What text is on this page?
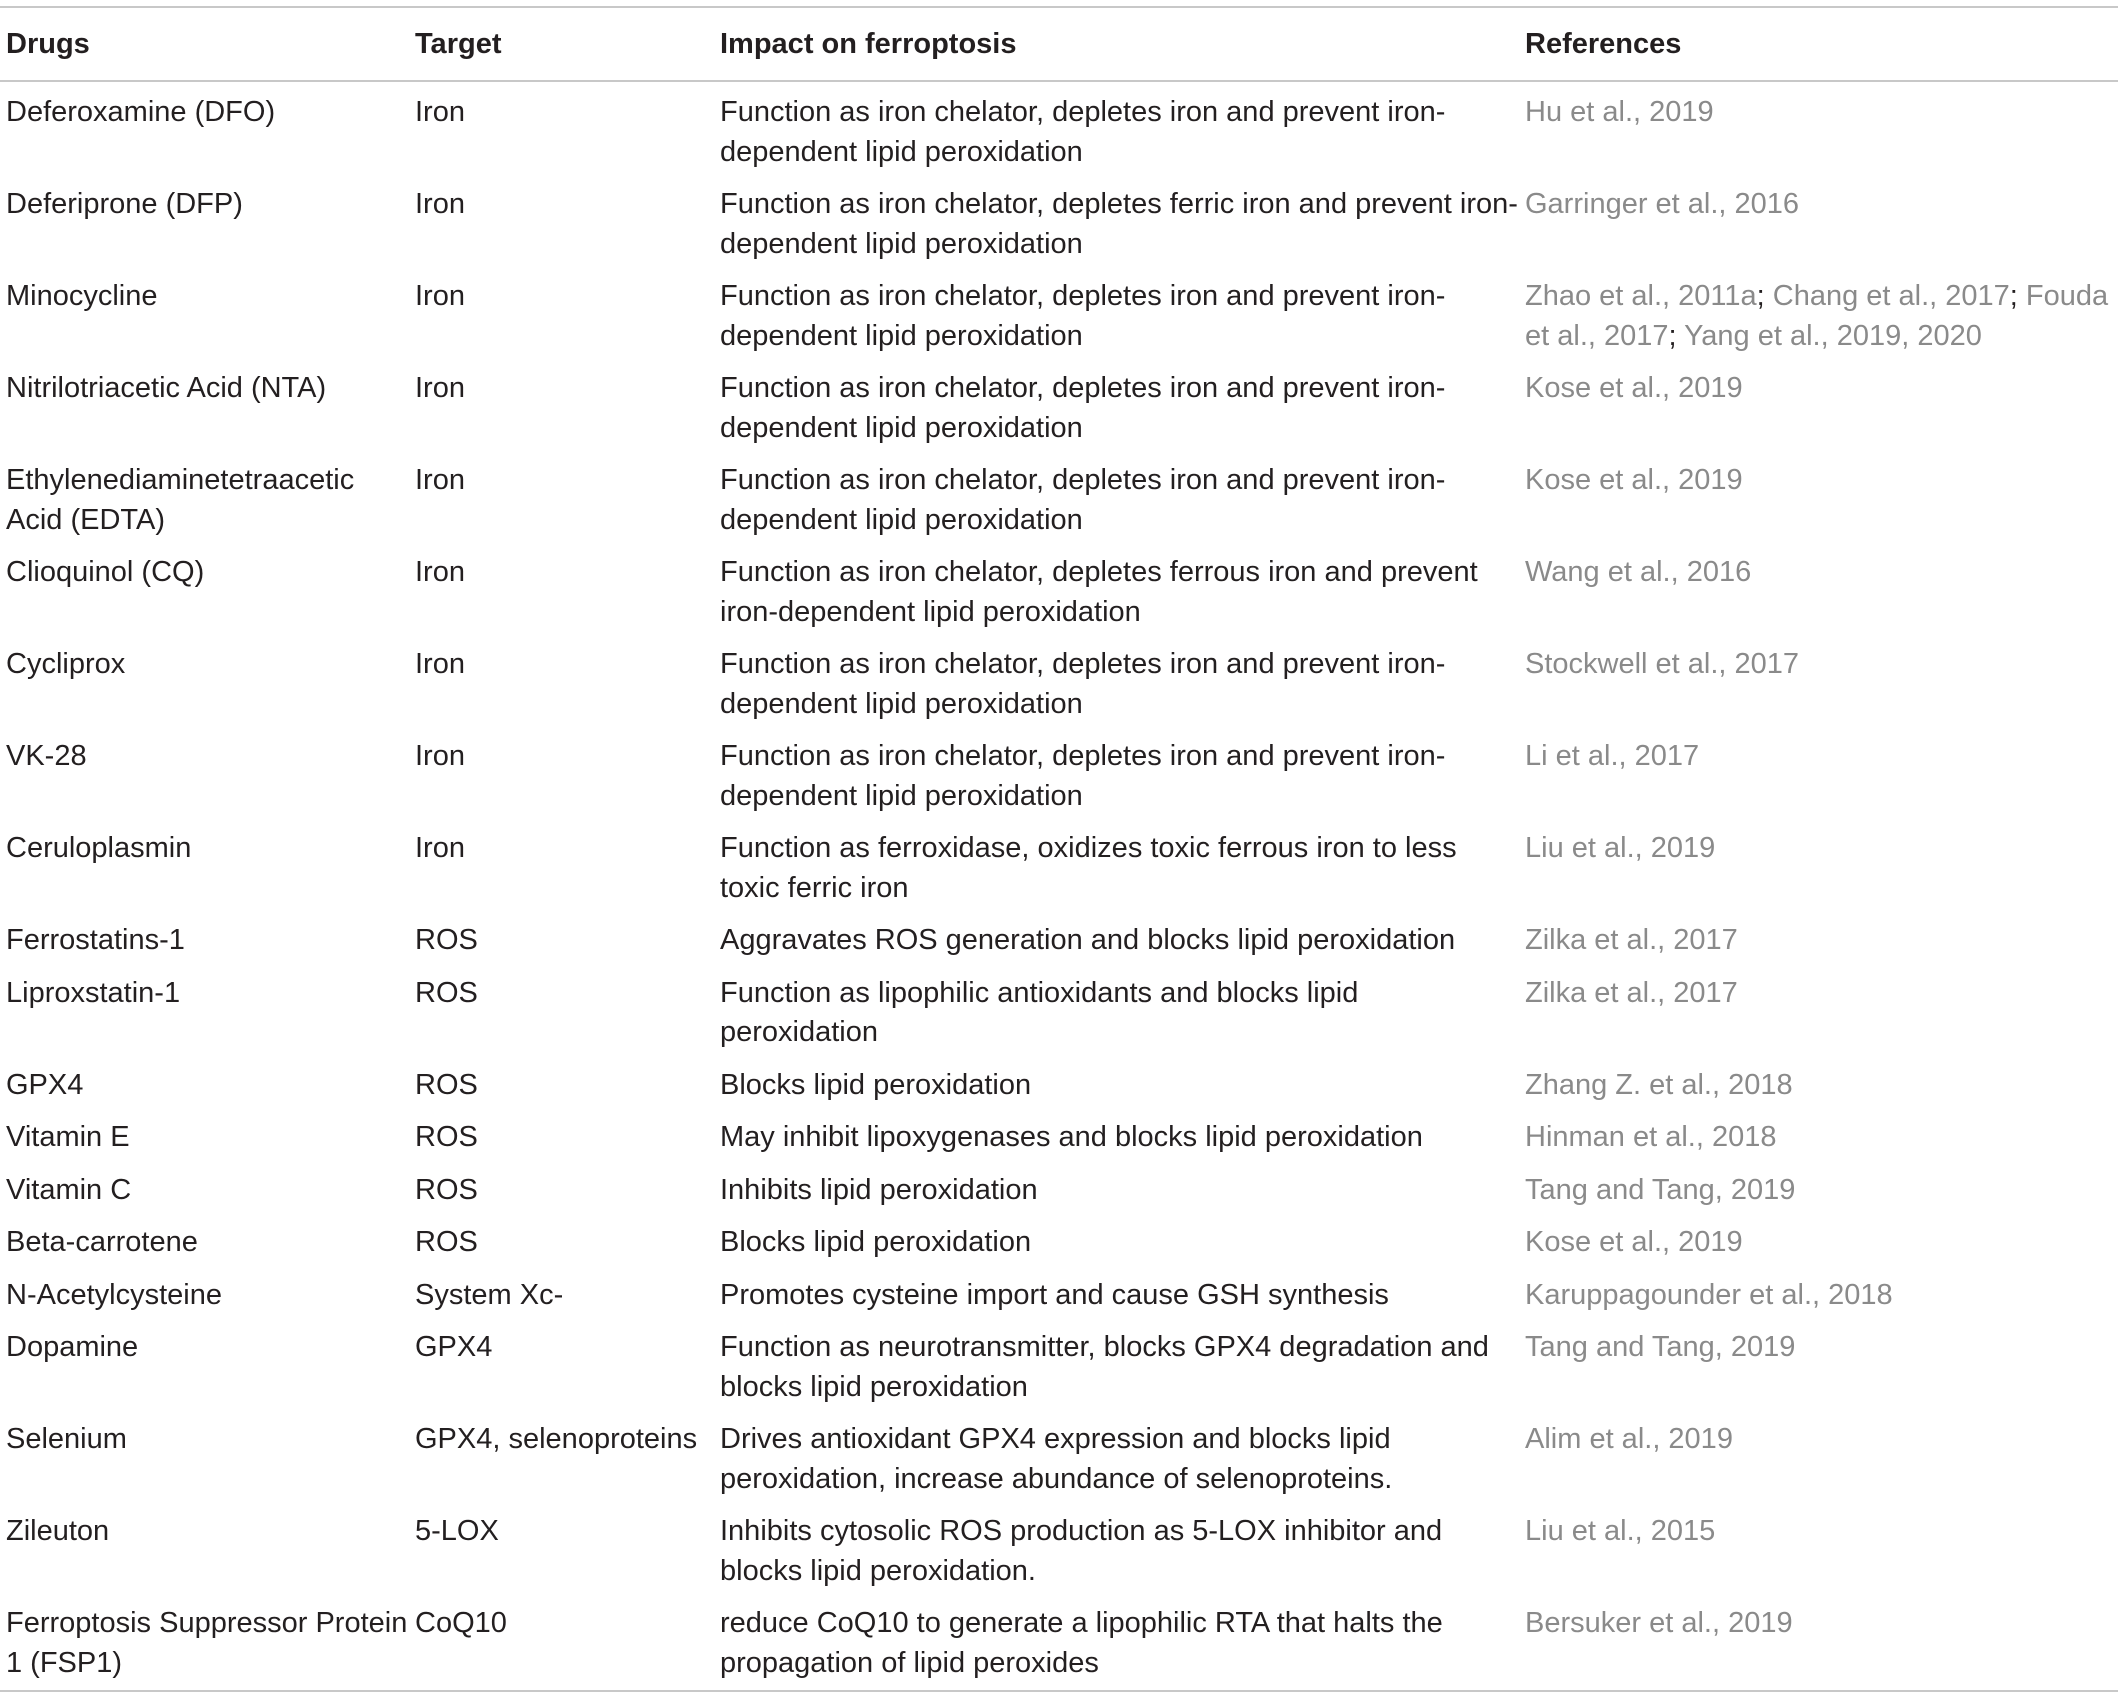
Drugs	Target	Impact on ferroptosis	References
Deferoxamine (DFO)	Iron	Function as iron chelator, depletes iron and prevent iron-dependent lipid peroxidation	Hu et al., 2019
Deferiprone (DFP)	Iron	Function as iron chelator, depletes ferric iron and prevent iron-dependent lipid peroxidation	Garringer et al., 2016
Minocycline	Iron	Function as iron chelator, depletes iron and prevent iron-dependent lipid peroxidation	Zhao et al., 2011a; Chang et al., 2017; Fouda et al., 2017; Yang et al., 2019, 2020
Nitrilotriacetic Acid (NTA)	Iron	Function as iron chelator, depletes iron and prevent iron-dependent lipid peroxidation	Kose et al., 2019
Ethylenediaminetetraacetic Acid (EDTA)	Iron	Function as iron chelator, depletes iron and prevent iron-dependent lipid peroxidation	Kose et al., 2019
Clioquinol (CQ)	Iron	Function as iron chelator, depletes ferrous iron and prevent iron-dependent lipid peroxidation	Wang et al., 2016
Cycliprox	Iron	Function as iron chelator, depletes iron and prevent iron-dependent lipid peroxidation	Stockwell et al., 2017
VK-28	Iron	Function as iron chelator, depletes iron and prevent iron-dependent lipid peroxidation	Li et al., 2017
Ceruloplasmin	Iron	Function as ferroxidase, oxidizes toxic ferrous iron to less toxic ferric iron	Liu et al., 2019
Ferrostatins-1	ROS	Aggravates ROS generation and blocks lipid peroxidation	Zilka et al., 2017
Liproxstatin-1	ROS	Function as lipophilic antioxidants and blocks lipid peroxidation	Zilka et al., 2017
GPX4	ROS	Blocks lipid peroxidation	Zhang Z. et al., 2018
Vitamin E	ROS	May inhibit lipoxygenases and blocks lipid peroxidation	Hinman et al., 2018
Vitamin C	ROS	Inhibits lipid peroxidation	Tang and Tang, 2019
Beta-carrotene	ROS	Blocks lipid peroxidation	Kose et al., 2019
N-Acetylcysteine	System Xc-	Promotes cysteine import and cause GSH synthesis	Karuppagounder et al., 2018
Dopamine	GPX4	Function as neurotransmitter, blocks GPX4 degradation and blocks lipid peroxidation	Tang and Tang, 2019
Selenium	GPX4, selenoproteins	Drives antioxidant GPX4 expression and blocks lipid peroxidation, increase abundance of selenoproteins.	Alim et al., 2019
Zileuton	5-LOX	Inhibits cytosolic ROS production as 5-LOX inhibitor and blocks lipid peroxidation.	Liu et al., 2015
Ferroptosis Suppressor Protein 1 (FSP1)	CoQ10	reduce CoQ10 to generate a lipophilic RTA that halts the propagation of lipid peroxides	Bersuker et al., 2019
